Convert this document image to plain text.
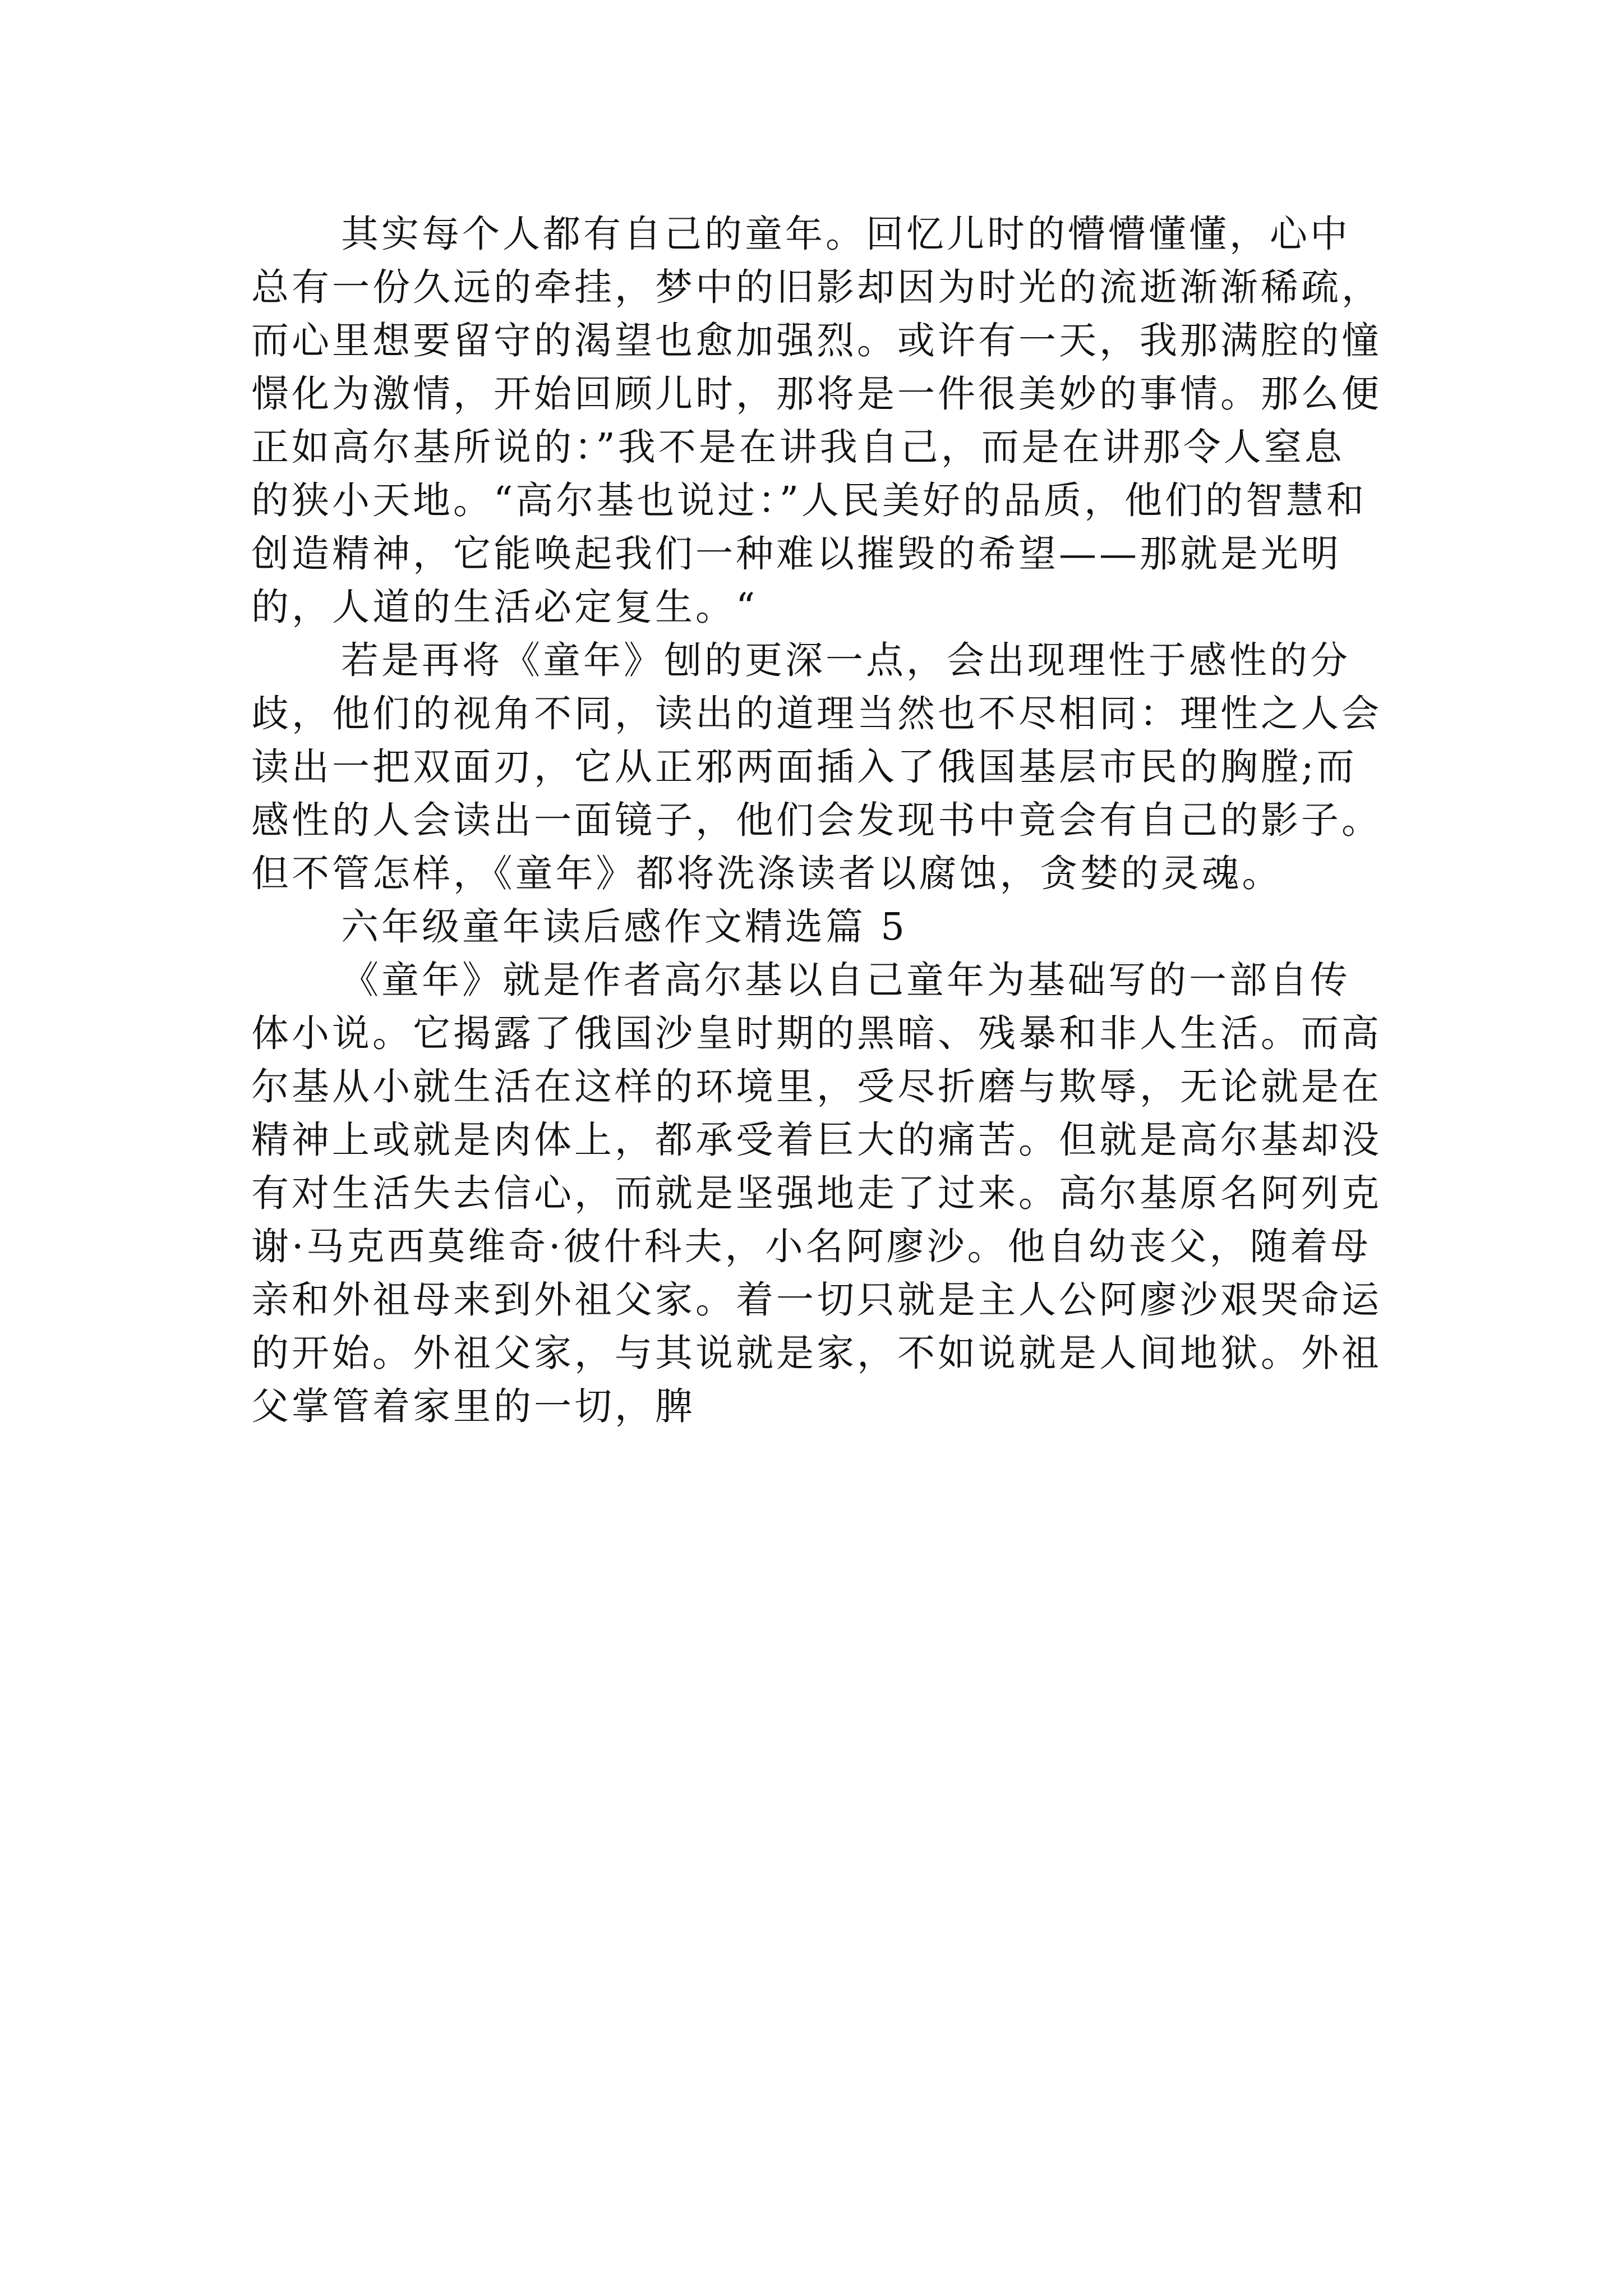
其实每个人都有自己的童年。回忆儿时的懵懵懂懂，心中总有一份久远的牵挂，梦中的旧影却因为时光的流逝渐渐稀疏，而心里想要留守的渴望也愈加强烈。或许有一天，我那满腔的憧憬化为激情，开始回顾儿时，那将是一件很美妙的事情。那么便正如高尔基所说的：”我不是在讲我自己，而是在讲那令人窒息的狭小天地。“高尔基也说过：”人民美好的品质，他们的智慧和创造精神，它能唤起我们一种难以摧毁的希望——那就是光明的，人道的生活必定复生。“

若是再将《童年》刨的更深一点，会出现理性于感性的分歧，他们的视角不同，读出的道理当然也不尽相同：理性之人会读出一把双面刃，它从正邪两面插入了俄国基层市民的胸膛;而感性的人会读出一面镜子，他们会发现书中竟会有自己的影子。但不管怎样，《童年》都将洗涤读者以腐蚀，贪婪的灵魂。

六年级童年读后感作文精选篇 5

《童年》就是作者高尔基以自己童年为基础写的一部自传体小说。它揭露了俄国沙皇时期的黑暗、残暴和非人生活。而高尔基从小就生活在这样的环境里，受尽折磨与欺辱，无论就是在精神上或就是肉体上，都承受着巨大的痛苦。但就是高尔基却没有对生活失去信心，而就是坚强地走了过来。高尔基原名阿列克谢·马克西莫维奇·彼什科夫，小名阿廖沙。他自幼丧父，随着母亲和外祖母来到外祖父家。着一切只就是主人公阿廖沙艰哭命运的开始。外祖父家，与其说就是家，不如说就是人间地狱。外祖父掌管着家里的一切，脾
